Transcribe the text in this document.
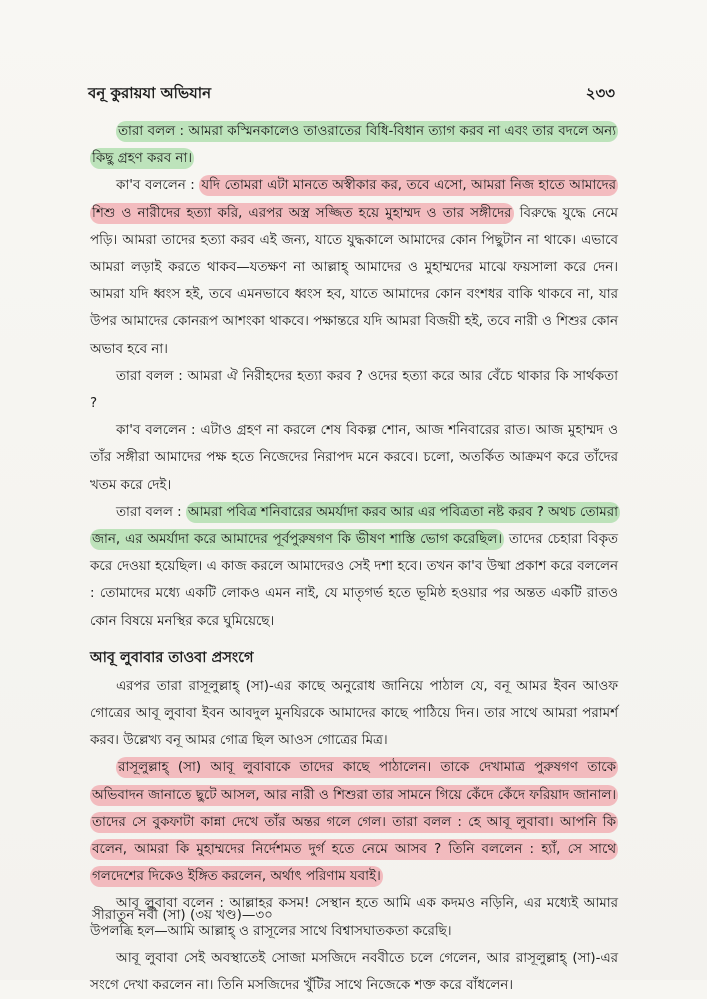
বনূ কুরায়যা অভিযান	২৩৩

তারা বলল : আমরা কস্মিনকালেও তাওরাতের বিধি-বিধান ত্যাগ করব না এবং তার বদলে অন্য কিছু গ্রহণ করব না।

কা'ব বললেন : যদি তোমরা এটা মানতে অস্বীকার কর, তবে এসো, আমরা নিজ হাতে আমাদের শিশু ও নারীদের হত্যা করি, এরপর অস্ত্র সজ্জিত হয়ে মুহাম্মদ ও তার সঙ্গীদের বিরুদ্ধে যুদ্ধে নেমে পড়ি। আমরা তাদের হত্যা করব এই জন্য, যাতে যুদ্ধকালে আমাদের কোন পিছুটান না থাকে। এভাবে আমরা লড়াই করতে থাকব—যতক্ষণ না আল্লাহ্ আমাদের ও মুহাম্মদের মাঝে ফয়সালা করে দেন। আমরা যদি ধ্বংস হই, তবে এমনভাবে ধ্বংস হব, যাতে আমাদের কোন বংশধর বাকি থাকবে না, যার উপর আমাদের কোনরূপ আশংকা থাকবে। পক্ষান্তরে যদি আমরা বিজয়ী হই, তবে নারী ও শিশুর কোন অভাব হবে না।

তারা বলল : আমরা ঐ নিরীহদের হত্যা করব ? ওদের হত্যা করে আর বেঁচে থাকার কি সার্থকতা ?

কা'ব বললেন : এটাও গ্রহণ না করলে শেষ বিকল্প শোন, আজ শনিবারের রাত। আজ মুহাম্মদ ও তাঁর সঙ্গীরা আমাদের পক্ষ হতে নিজেদের নিরাপদ মনে করবে। চলো, অতর্কিত আক্রমণ করে তাঁদের খতম করে দেই।

তারা বলল : আমরা পবিত্র শনিবারের অমর্যাদা করব আর এর পবিত্রতা নষ্ট করব ? অথচ তোমরা জান, এর অমর্যাদা করে আমাদের পূর্বপুরুষগণ কি ভীষণ শাস্তি ভোগ করেছিল। তাদের চেহারা বিকৃত করে দেওয়া হয়েছিল। এ কাজ করলে আমাদেরও সেই দশা হবে। তখন কা'ব উষ্মা প্রকাশ করে বললেন : তোমাদের মধ্যে একটি লোকও এমন নাই, যে মাতৃগর্ভ হতে ভূমিষ্ঠ হওয়ার পর অন্তত একটি রাতও কোন বিষয়ে মনস্থির করে ঘুমিয়েছে।

আবূ লুবাবার তাওবা প্রসংগে

এরপর তারা রাসূলুল্লাহ্ (সা)-এর কাছে অনুরোধ জানিয়ে পাঠাল যে, বনূ আমর ইবন আওফ গোত্রের আবূ লুবাবা ইবন আবদুল মুনযিরকে আমাদের কাছে পাঠিয়ে দিন। তার সাথে আমরা পরামর্শ করব। উল্লেখ্য বনূ আমর গোত্র ছিল আওস গোত্রের মিত্র।

রাসূলুল্লাহ্ (সা) আবূ লুবাবাকে তাদের কাছে পাঠালেন। তাকে দেখামাত্র পুরুষগণ তাকে অভিবাদন জানাতে ছুটে আসল, আর নারী ও শিশুরা তার সামনে গিয়ে কেঁদে কেঁদে ফরিয়াদ জানাল। তাদের সে বুকফাটা কান্না দেখে তাঁর অন্তর গলে গেল। তারা বলল : হে আবূ লুবাবা। আপনি কি বলেন, আমরা কি মুহাম্মদের নির্দেশমত দুর্গ হতে নেমে আসব ? তিনি বললেন : হ্যাঁ, সে সাথে গলদেশের দিকেও ইঙ্গিত করলেন, অর্থাৎ পরিণাম যবাই।

আবূ লুবাবা বলেন : আল্লাহর কসম! সেস্থান হতে আমি এক কদমও নড়িনি, এর মধ্যেই আমার উপলব্ধি হল—আমি আল্লাহ্ ও রাসূলের সাথে বিশ্বাসঘাতকতা করেছি।

আবূ লুবাবা সেই অবস্থাতেই সোজা মসজিদে নববীতে চলে গেলেন, আর রাসূলুল্লাহ্ (সা)-এর সংগে দেখা করলেন না। তিনি মসজিদের খুঁটির সাথে নিজেকে শক্ত করে বাঁধলেন।

সীরাতুন নবী (সা) (৩য় খণ্ড)—৩০
